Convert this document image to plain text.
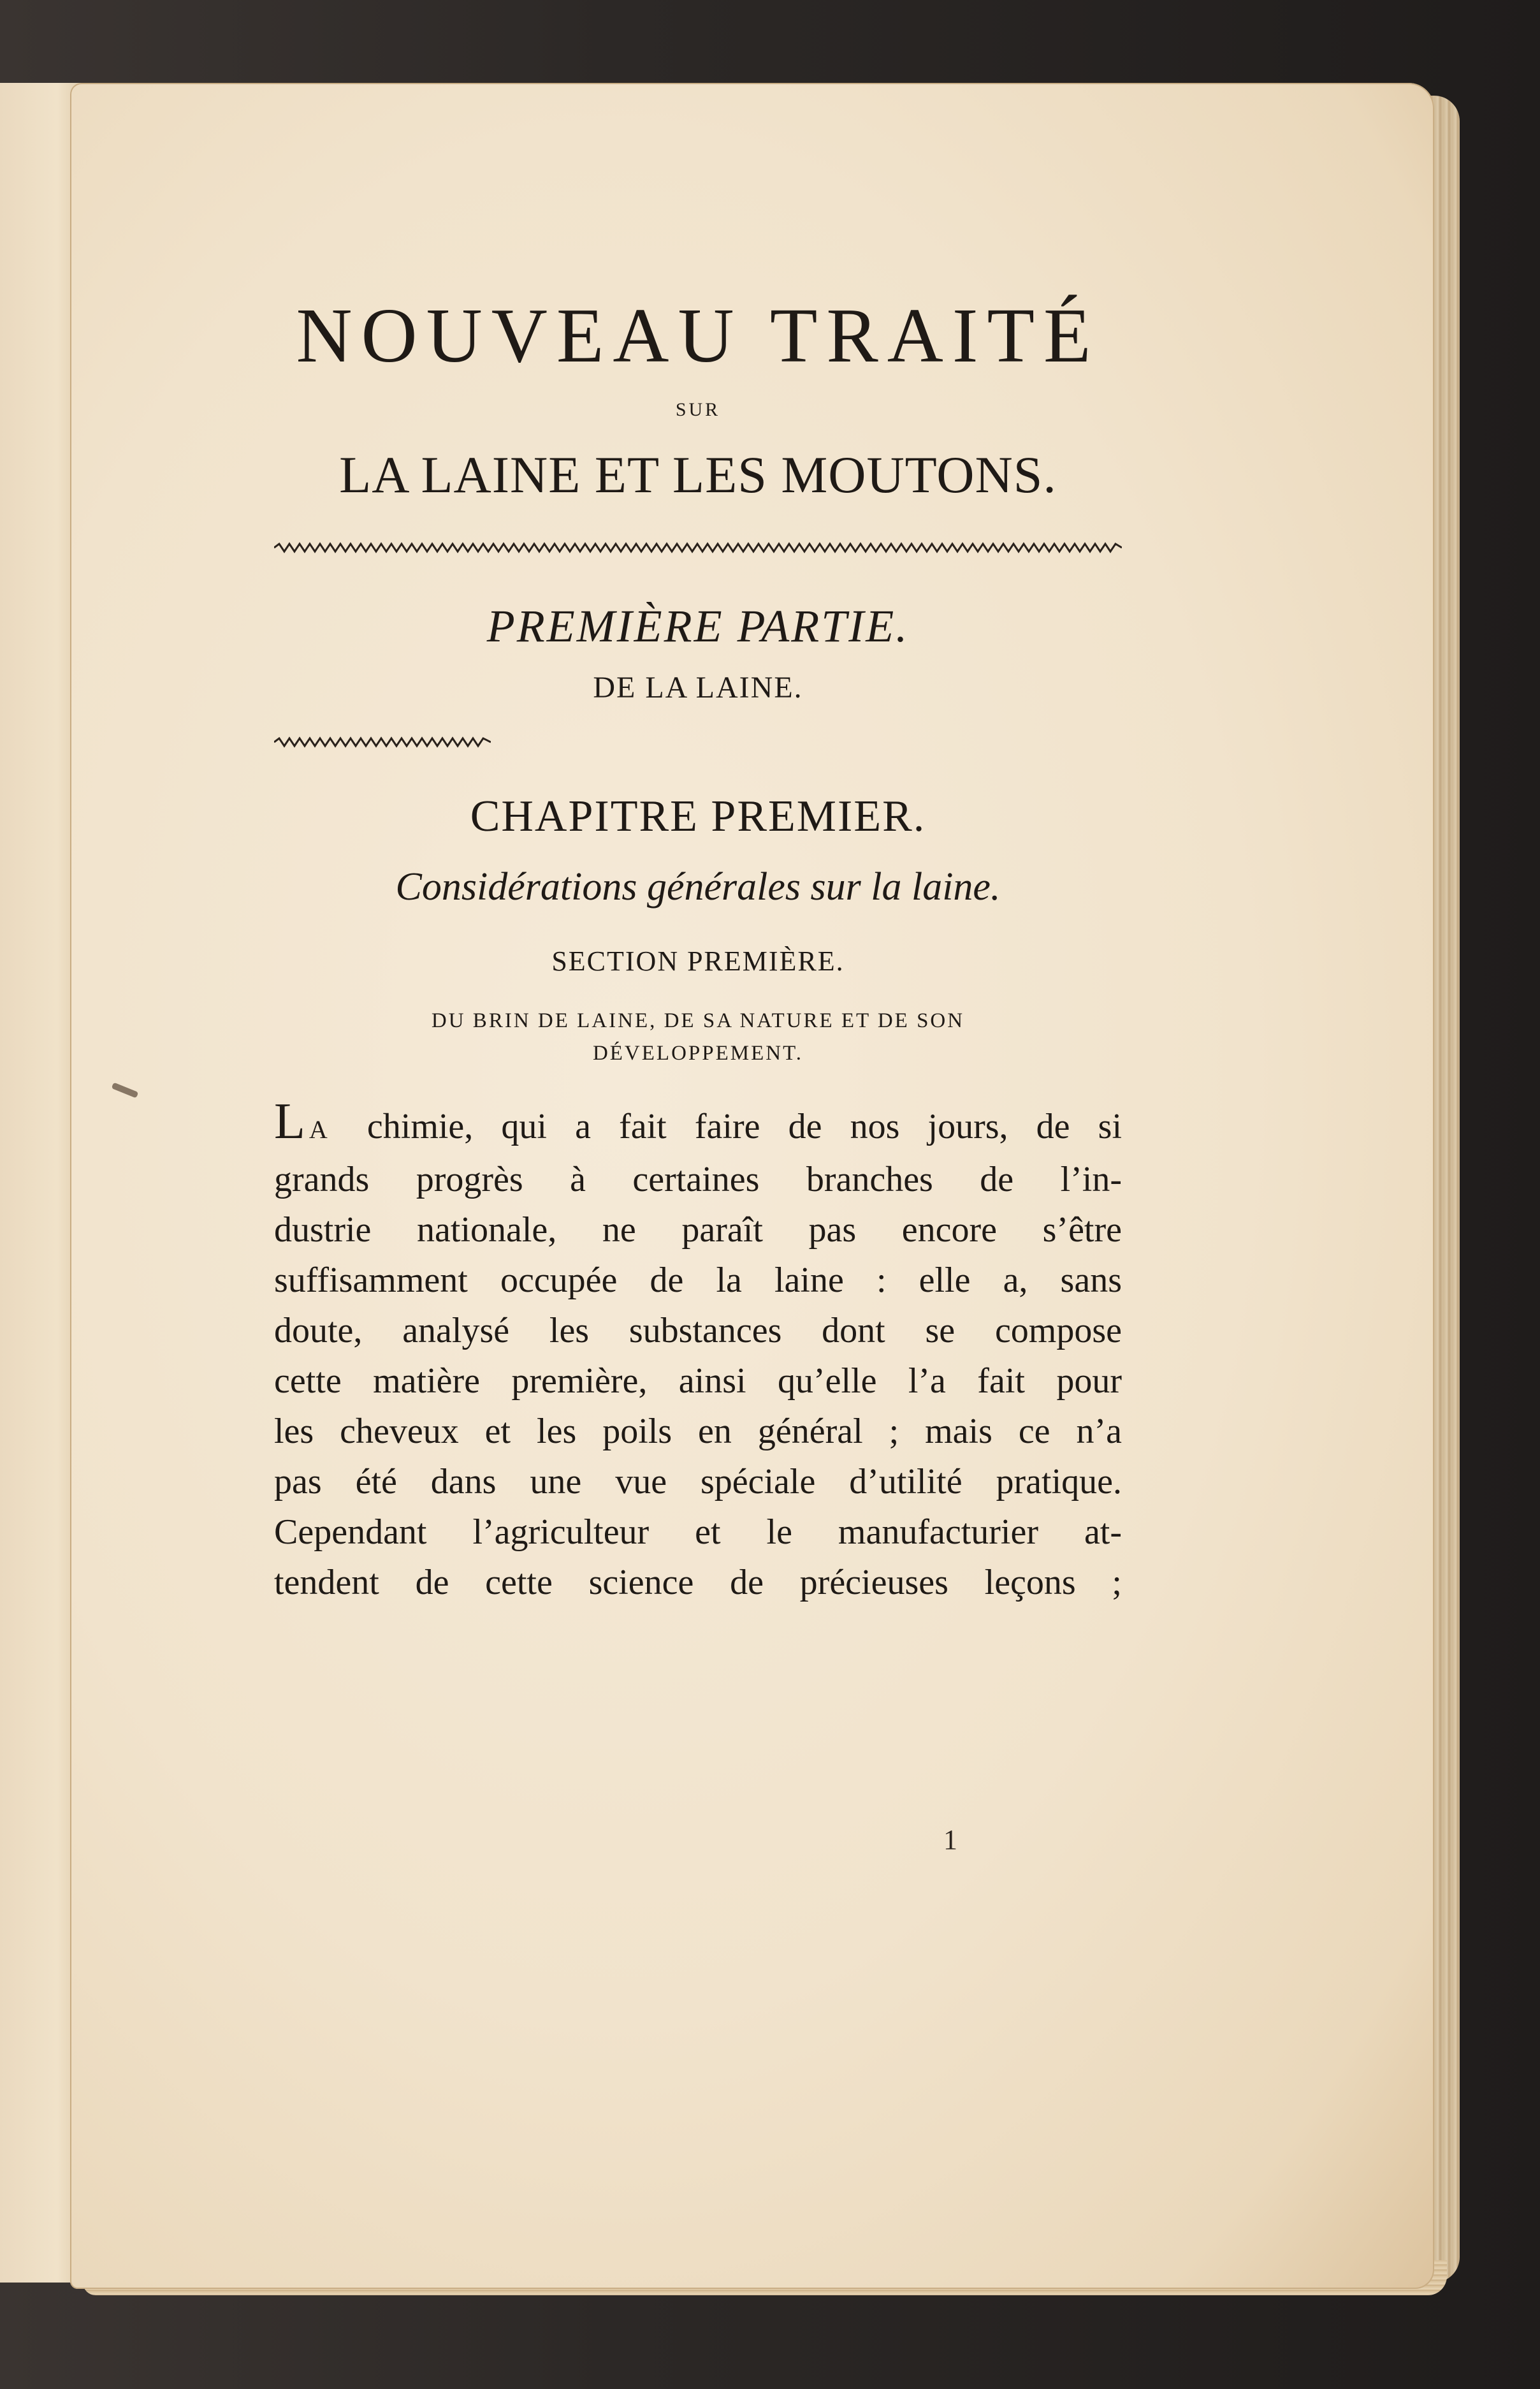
NOUVEAU TRAITÉ
SUR
LA LAINE ET LES MOUTONS.
PREMIÈRE PARTIE.
DE LA LAINE.
CHAPITRE PREMIER.
Considérations générales sur la laine.
SECTION PREMIÈRE.
DU BRIN DE LAINE, DE SA NATURE ET DE SON
DÉVELOPPEMENT.
LA chimie, qui a fait faire de nos jours, de si
grands progrès à certaines branches de l’in-
dustrie nationale, ne paraît pas encore s’être
suffisamment occupée de la laine : elle a, sans
doute, analysé les substances dont se compose
cette matière première, ainsi qu’elle l’a fait pour
les cheveux et les poils en général ; mais ce n’a
pas été dans une vue spéciale d’utilité pratique.
Cependant l’agriculteur et le manufacturier at-
tendent de cette science de précieuses leçons ;
1
